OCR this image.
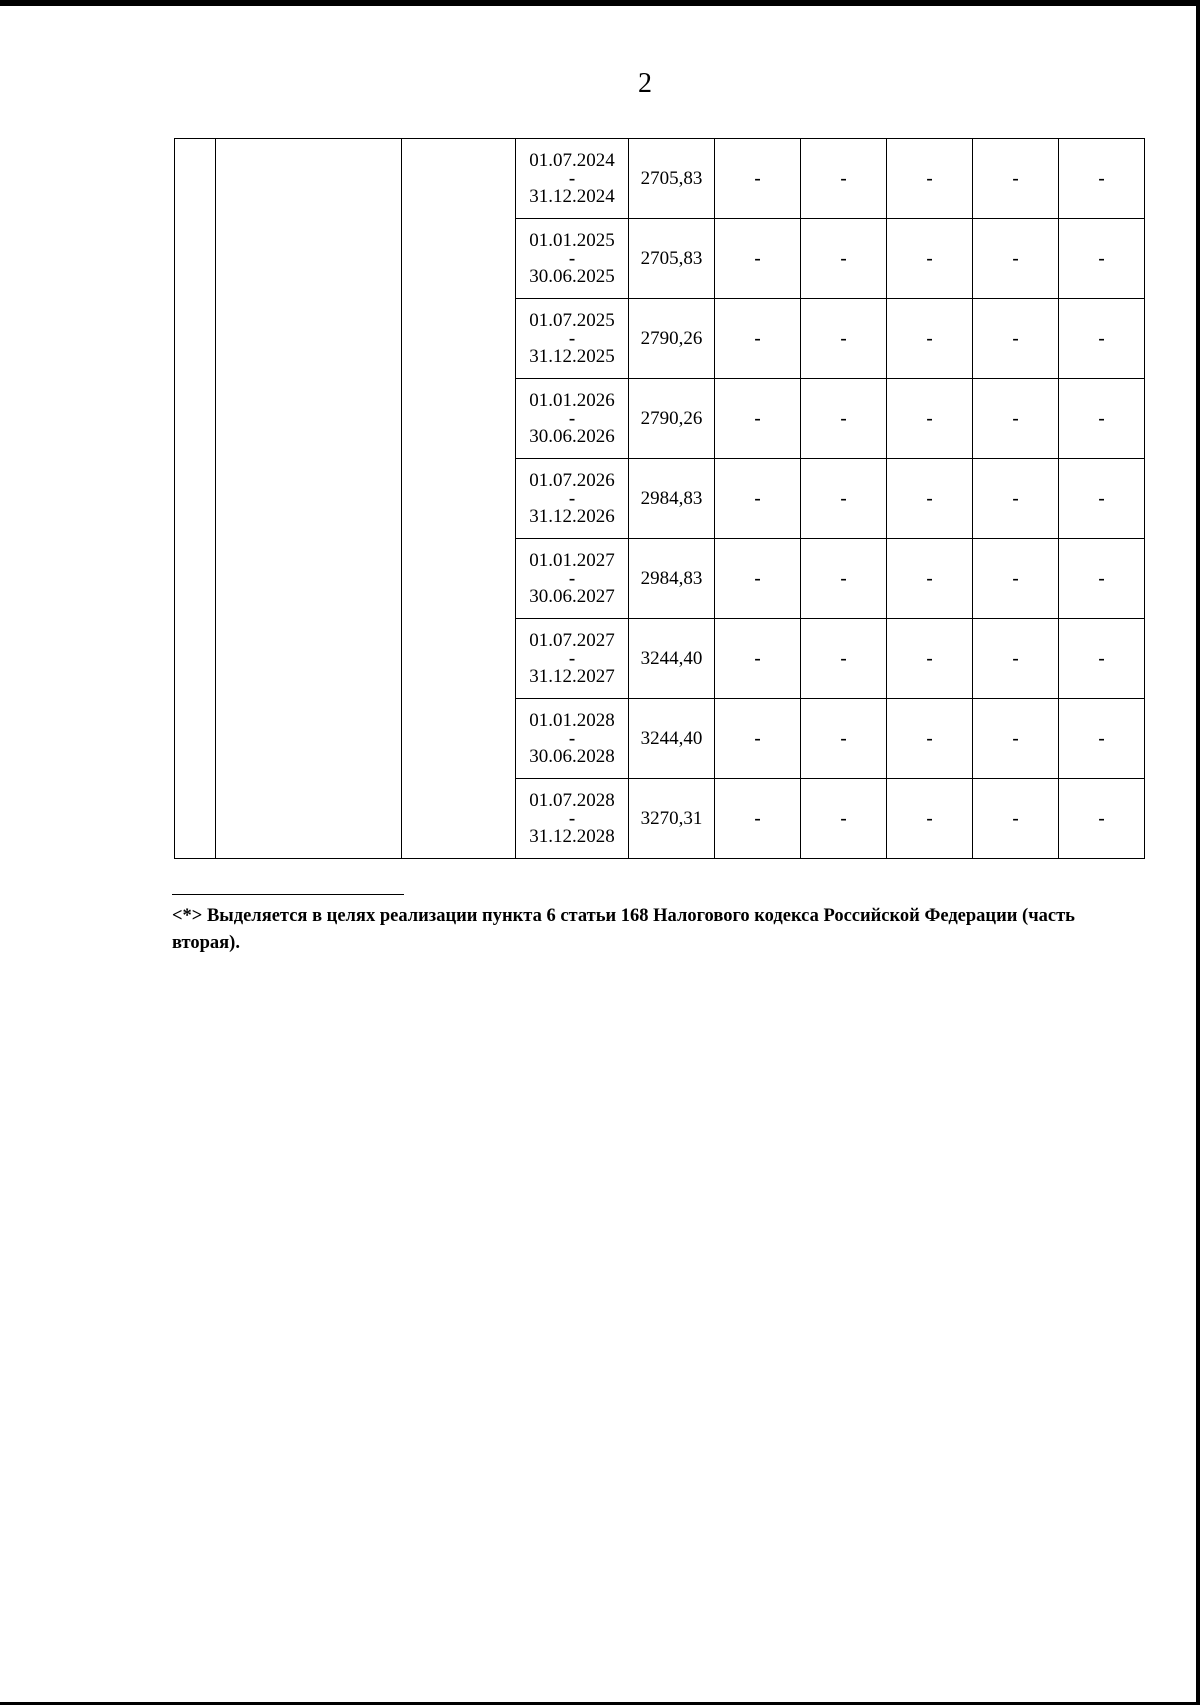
2
			01.07.2024
-
31.12.2024	2705,83	-	-	-	-	-
			01.01.2025
-
30.06.2025	2705,83	-	-	-	-	-
			01.07.2025
-
31.12.2025	2790,26	-	-	-	-	-
			01.01.2026
-
30.06.2026	2790,26	-	-	-	-	-
			01.07.2026
-
31.12.2026	2984,83	-	-	-	-	-
			01.01.2027
-
30.06.2027	2984,83	-	-	-	-	-
			01.07.2027
-
31.12.2027	3244,40	-	-	-	-	-
			01.01.2028
-
30.06.2028	3244,40	-	-	-	-	-
			01.07.2028
-
31.12.2028	3270,31	-	-	-	-	-

<*> Выделяется в целях реализации пункта 6 статьи 168 Налогового кодекса Российской Федерации (часть вторая).
